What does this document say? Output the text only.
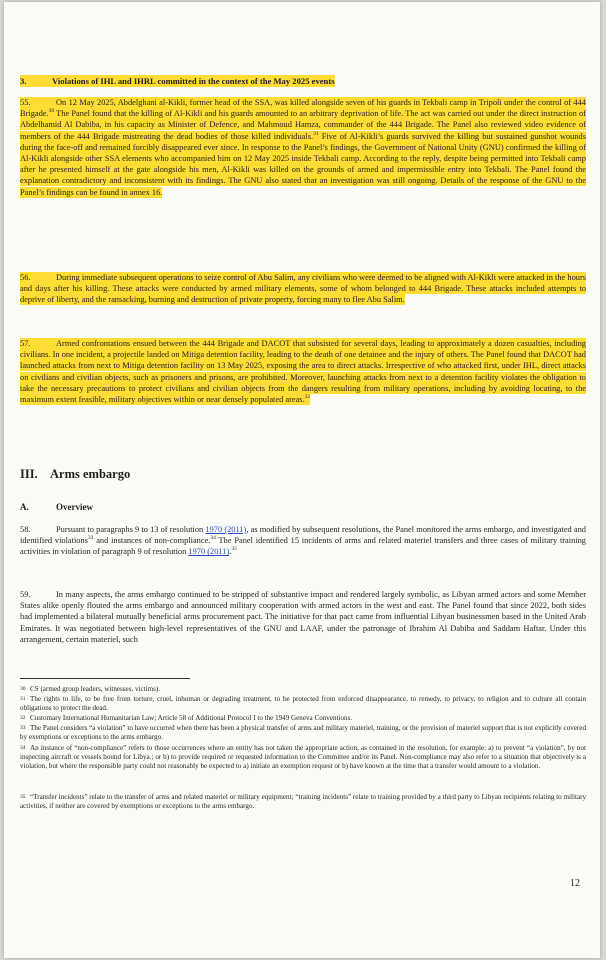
3.	Violations of IHL and IHRL committed in the context of the May 2025 events

55.	On 12 May 2025, Abdelghani al-Kikli, former head of the SSA, was killed alongside seven of his guards in Tekbali camp in Tripoli under the control of 444 Brigade.$^{30}$ The Panel found that the killing of Al-Kikli and his guards amounted to an arbitrary deprivation of life. The act was carried out under the direct instruction of Abdelhamid Al Dabiba, in his capacity as Minister of Defence, and Mahmoud Hamza, commander of the 444 Brigade. The Panel also reviewed video evidence of members of the 444 Brigade mistreating the dead bodies of those killed individuals.$^{31}$ Five of Al-Kikli’s guards survived the killing but sustained gunshot wounds during the face-off and remained forcibly disappeared ever since. In response to the Panel’s findings, the Government of National Unity (GNU) confirmed the killing of Al-Kikli alongside other SSA elements who accompanied him on 12 May 2025 inside Tekbali camp. According to the reply, despite being permitted into Tekbali camp after he presented himself at the gate alongside his men, Al-Kikli was killed on the grounds of armed and impermissible entry into Tekbali. The Panel found the explanation contradictory and inconsistent with its findings. The GNU also stated that an investigation was still ongoing. Details of the response of the GNU to the Panel’s findings can be found in annex 16.

56.	During immediate subsequent operations to seize control of Abu Salim, any civilians who were deemed to be aligned with Al-Kikli were attacked in the hours and days after his killing. These attacks were conducted by armed military elements, some of whom belonged to 444 Brigade. These attacks included attempts to deprive of liberty, and the ransacking, burning and destruction of private property, forcing many to flee Abu Salim.

57.	Armed confrontations ensued between the 444 Brigade and DACOT that subsisted for several days, leading to approximately a dozen casualties, including civilians. In one incident, a projectile landed on Mitiga detention facility, leading to the death of one detainee and the injury of others. The Panel found that DACOT had launched attacks from next to Mitiga detention facility on 13 May 2025, exposing the area to direct attacks. Irrespective of who attacked first, under IHL, direct attacks on civilians and civilian objects, such as prisoners and prisons, are prohibited. Moreover, launching attacks from next to a detention facility violates the obligation to take the necessary precautions to protect civilians and civilian objects from the dangers resulting from military operations, including by avoiding locating, to the maximum extent feasible, military objectives within or near densely populated areas.$^{32}$

III. Arms embargo

A.	Overview

58.	Pursuant to paragraphs 9 to 13 of resolution 1970 (2011), as modified by subsequent resolutions, the Panel monitored the arms embargo, and investigated and identified violations$^{33}$ and instances of non-compliance.$^{34}$ The Panel identified 15 incidents of arms and related materiel transfers and three cases of military training activities in violation of paragraph 9 of resolution 1970 (2011).$^{35}$

59.	In many aspects, the arms embargo continued to be stripped of substantive impact and rendered largely symbolic, as Libyan armed actors and some Member States alike openly flouted the arms embargo and announced military cooperation with armed actors in the west and east. The Panel found that since 2022, both sides had implemented a bilateral mutually beneficial arms procurement pact. The initiative for that pact came from influential Libyan businessmen based in the United Arab Emirates. It was negotiated between high-level representatives of the GNU and LAAF, under the patronage of Ibrahim Al Dabiba and Saddam Haftar. Under this arrangement, certain materiel, such

30 CS (armed group leaders, witnesses, victims).

31 The rights to life, to be free from torture, cruel, inhuman or degrading treatment, to be protected from enforced disappearance, to remedy, to privacy, to religion and to culture all contain obligations to protect the dead.

32 Customary International Humanitarian Law; Article 58 of Additional Protocol I to the 1949 Geneva Conventions.

33 The Panel considers “a violation” to have occurred when there has been a physical transfer of arms and military materiel, training, or the provision of materiel support that is not explicitly covered by exemptions or exceptions to the arms embargo.

34 An instance of “non-compliance” refers to those occurrences where an entity has not taken the appropriate action, as contained in the resolution, for example: a) to prevent “a violation”, by not inspecting aircraft or vessels bound for Libya.; or b) to provide required or requested information to the Committee and/or its Panel. Non-compliance may also refer to a situation that objectively is a violation, but where the responsible party could not reasonably be expected to a) initiate an exemption request or b) have known at the time that a transfer would amount to a violation.

35 “Transfer incidents” relate to the transfer of arms and related materiel or military equipment; “training incidents” relate to training provided by a third party to Libyan recipients relating to military activities, if neither are covered by exemptions or exceptions to the arms embargo.

12
